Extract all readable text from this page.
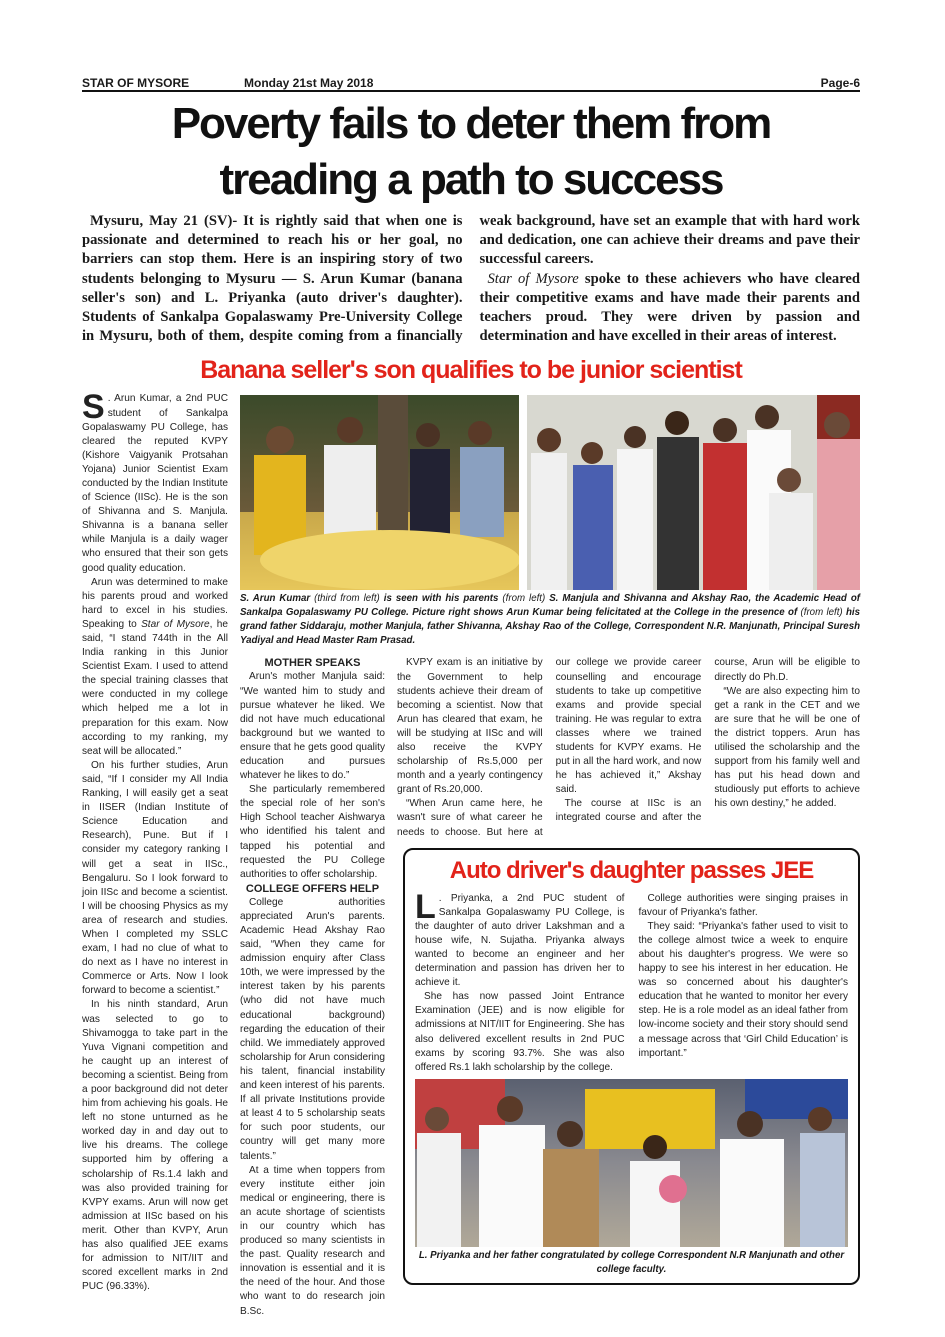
STAR OF MYSORE	Monday 21st May 2018	Page-6
Poverty fails to deter them from
treading a path to success

Mysuru, May 21 (SV)- It is rightly said that when one is passionate and determined to reach his or her goal, no barriers can stop them. Here is an inspiring story of two students belonging to Mysuru — S. Arun Kumar (banana seller's son) and L. Priyanka (auto driver's daughter). Students of Sankalpa Gopalaswamy Pre-University College in Mysuru, both of them, despite coming from a financially weak background, have set an example that with hard work and dedication, one can achieve their dreams and pave their successful careers.

Star of Mysore spoke to these achievers who have cleared their competitive exams and have made their parents and teachers proud. They were driven by passion and determination and have excelled in their areas of interest.

Banana seller's son qualifies to be junior scientist

S . Arun Kumar, a 2nd PUC student of Sankalpa Gopalaswamy PU College, has cleared the reputed KVPY (Kishore Vaigyanik Protsahan Yojana) Junior Scientist Exam conducted by the Indian Institute of Science (IISc). He is the son of Shivanna and S. Manjula. Shivanna is a banana seller while Manjula is a daily wager who ensured that their son gets good quality education.

Arun was determined to make his parents proud and worked hard to excel in his studies. Speaking to Star of Mysore, he said, “I stand 744th in the All India ranking in this Junior Scientist Exam. I used to attend the special training classes that were conducted in my college which helped me a lot in preparation for this exam. Now according to my ranking, my seat will be allocated.”

On his further studies, Arun said, “If I consider my All India Ranking, I will easily get a seat in IISER (Indian Institute of Science Education and Research), Pune. But if I consider my category ranking I will get a seat in IISc., Bengaluru. So I look forward to join IISc and become a scientist. I will be choosing Physics as my area of research and studies. When I completed my SSLC exam, I had no clue of what to do next as I have no interest in Commerce or Arts. Now I look forward to become a scientist.”

In his ninth standard, Arun was selected to go to Shivamogga to take part in the Yuva Vignani competition and he caught up an interest of becoming a scientist. Being from a poor background did not deter him from achieving his goals. He left no stone unturned as he worked day in and day out to live his dreams. The college supported him by offering a scholarship of Rs.1.4 lakh and was also provided training for KVPY exams. Arun will now get admission at IISc based on his merit. Other than KVPY, Arun has also qualified JEE exams for admission to NIT/IIT and scored excellent marks in 2nd PUC (96.33%).

S. Arun Kumar (third from left) is seen with his parents (from left) S. Manjula and Shivanna and Akshay Rao, the Academic Head of Sankalpa Gopalaswamy PU College. Picture right shows Arun Kumar being felicitated at the College in the presence of (from left) his grand father Siddaraju, mother Manjula, father Shivanna, Akshay Rao of the College, Correspondent N.R. Manjunath, Principal Suresh Yadiyal and Head Master Ram Prasad.
MOTHER SPEAKS

Arun's mother Manjula said: “We wanted him to study and pursue whatever he liked. We did not have much educational background but we wanted to ensure that he gets good quality education and pursues whatever he likes to do.”

She particularly remembered the special role of her son's High School teacher Aishwarya who identified his talent and tapped his potential and requested the PU College authorities to offer scholarship.

COLLEGE OFFERS HELP

College authorities appreciated Arun's parents. Academic Head Akshay Rao said, “When they came for admission enquiry after Class 10th, we were impressed by the interest taken by his parents (who did not have much educational background) regarding the education of their child. We immediately approved scholarship for Arun considering his talent, financial instability and keen interest of his parents. If all private Institutions provide at least 4 to 5 scholarship seats for such poor students, our country will get many more talents.”

At a time when toppers from every institute either join medical or engineering, there is an acute shortage of scientists in our country which has produced so many scientists in the past. Quality research and innovation is essential and it is the need of the hour. And those who want to do research join B.Sc.

KVPY exam is an initiative by the Government to help students achieve their dream of becoming a scientist. Now that Arun has cleared that exam, he will be studying at IISc and will also receive the KVPY scholarship of Rs.5,000 per month and a yearly contingency grant of Rs.20,000.

“When Arun came here, he wasn't sure of what career he needs to choose. But here at our college we provide career counselling and encourage students to take up competitive exams and provide special training. He was regular to extra classes where we trained students for KVPY exams. He put in all the hard work, and now he has achieved it,” Akshay said.

The course at IISc is an integrated course and after the course, Arun will be eligible to directly do Ph.D.

“We are also expecting him to get a rank in the CET and we are sure that he will be one of the district toppers. Arun has utilised the scholarship and the support from his family well and has put his head down and studiously put efforts to achieve his own destiny,” he added.

Auto driver's daughter passes JEE

L . Priyanka, a 2nd PUC student of Sankalpa Gopalaswamy PU College, is the daughter of auto driver Lakshman and a house wife, N. Sujatha. Priyanka always wanted to become an engineer and her determination and passion has driven her to achieve it.

She has now passed Joint Entrance Examination (JEE) and is now eligible for admissions at NIT/IIT for Engineering. She has also delivered excellent results in 2nd PUC exams by scoring 93.7%. She was also offered Rs.1 lakh scholarship by the college.

College authorities were singing praises in favour of Priyanka's father.

They said: “Priyanka's father used to visit to the college almost twice a week to enquire about his daughter's progress. We were so happy to see his interest in her education. He was so concerned about his daughter's education that he wanted to monitor her every step. He is a role model as an ideal father from low-income society and their story should send a message across that ‘Girl Child Education’ is important.”

L. Priyanka and her father congratulated by college Correspondent N.R Manjunath and other college faculty.
